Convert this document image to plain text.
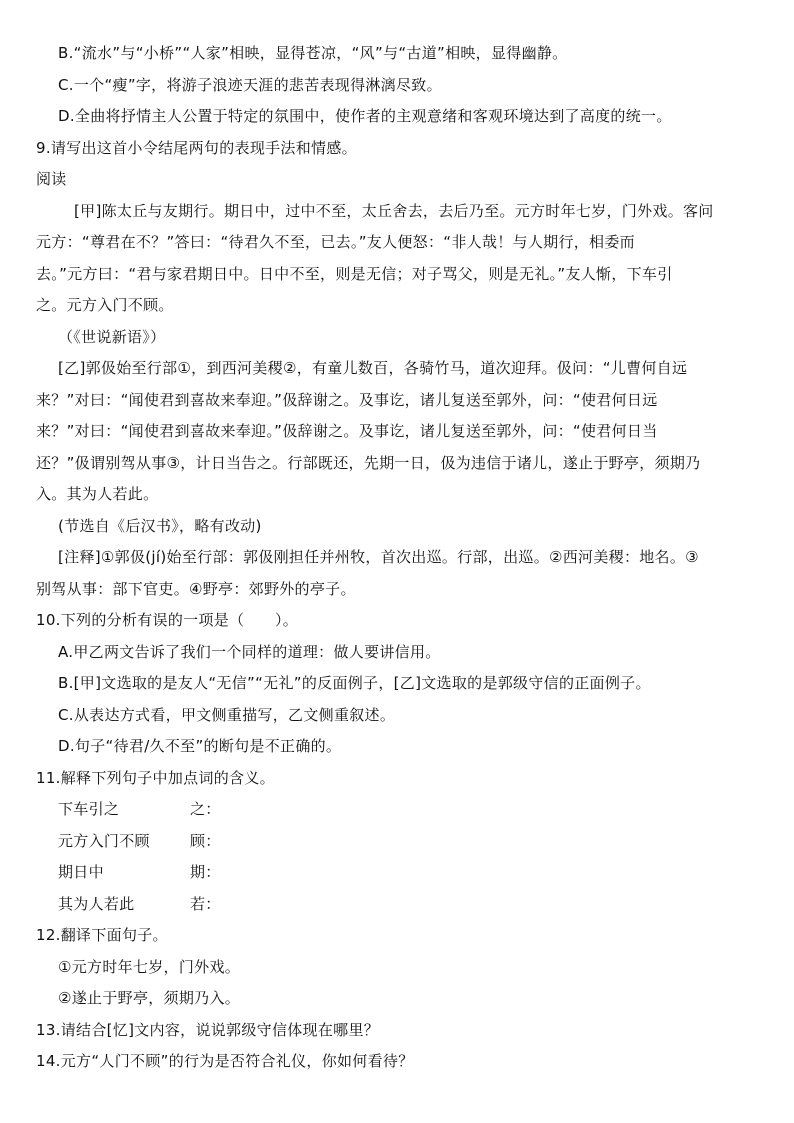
B.“流水”与“小桥”“人家”相映，显得苍凉，“风”与“古道”相映，显得幽静。
C.一个“瘦”字，将游子浪迹天涯的悲苦表现得淋漓尽致。
D.全曲将抒情主人公置于特定的氛围中，使作者的主观意绪和客观环境达到了高度的统一。
9.请写出这首小令结尾两句的表现手法和情感。
阅读
[甲]陈太丘与友期行。期日中，过中不至，太丘舍去，去后乃至。元方时年七岁，门外戏。客问
元方：“尊君在不？”答曰：“待君久不至，已去。”友人便怒：“非人哉！与人期行，相委而
去。”元方曰：“君与家君期日中。日中不至，则是无信；对子骂父，则是无礼。”友人惭，下车引
之。元方入门不顾。
（《世说新语》）
[乙]郭伋始至行部①，到西河美稷②，有童儿数百，各骑竹马，道次迎拜。伋问：“儿曹何自远
来？”对曰：“闻使君到喜故来奉迎。”伋辞谢之。及事讫，诸儿复送至郭外，问：“使君何日远
来？”对曰：“闻使君到喜故来奉迎。”伋辞谢之。及事讫，诸儿复送至郭外，问：“使君何日当
还？”伋谓别驾从事③，计日当告之。行部既还，先期一日，伋为违信于诸儿，遂止于野亭，须期乃
入。其为人若此。
(节选自《后汉书》，略有改动)
[注释]①郭伋(jí)始至行部：郭伋刚担任并州牧，首次出巡。行部，出巡。②西河美稷：地名。③
别驾从事：部下官吏。④野亭：郊野外的亭子。
10.下列的分析有误的一项是（　　）。
A.甲乙两文告诉了我们一个同样的道理：做人要讲信用。
B.[甲]文选取的是友人“无信”“无礼”的反面例子，[乙]文选取的是郭级守信的正面例子。
C.从表达方式看，甲文侧重描写，乙文侧重叙述。
D.句子“待君/久不至”的断句是不正确的。
11.解释下列句子中加点词的含义。
下车引之	之：
元方入门不顾	顾：
期日中	期：
其为人若此	若：
12.翻译下面句子。
①元方时年七岁，门外戏。
②遂止于野亭，须期乃入。
13.请结合[忆]文内容，说说郭级守信体现在哪里？
14.元方“人门不顾”的行为是否符合礼仪，你如何看待？
